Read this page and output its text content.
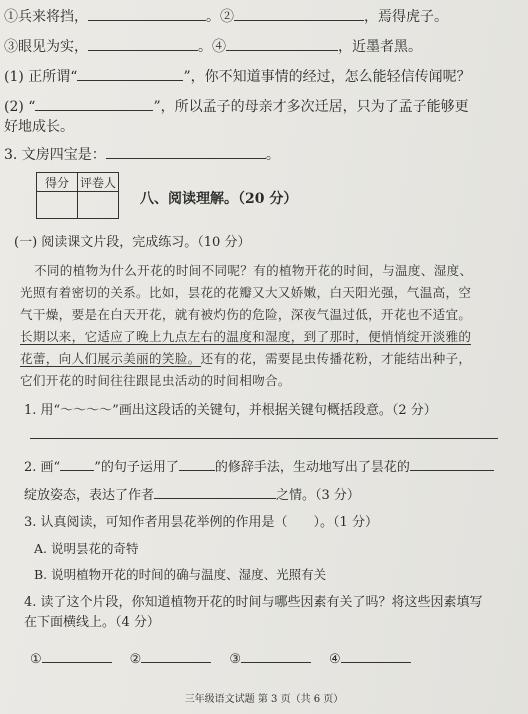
①兵来将挡，	。②	，焉得虎子。
③眼见为实，	。④	，近墨者黑。
(1) 正所谓“	”，你不知道事情的经过，怎么能轻信传闻呢？
(2) “	”，所以孟子的母亲才多次迁居，只为了孟子能够更
好地成长。
3. 文房四宝是：	。
得分	评卷人

八、阅读理解。（20 分）
(一) 阅读课文片段，完成练习。（10 分）
不同的植物为什么开花的时间不同呢？有的植物开花的时间，与温度、湿度、
光照有着密切的关系。比如，昙花的花瓣又大又娇嫩，白天阳光强，气温高，空
气干燥，要是在白天开花，就有被灼伤的危险，深夜气温过低，开花也不适宜。
长期以来，它适应了晚上九点左右的温度和湿度，到了那时，便悄悄绽开淡雅的
花蕾，向人们展示美丽的笑脸。还有的花，需要昆虫传播花粉，才能结出种子，
它们开花的时间往往跟昆虫活动的时间相吻合。
1. 用“～～～～”画出这段话的关键句，并根据关键句概括段意。（2 分）
2. 画“	”的句子运用了	的修辞手法，生动地写出了昙花的
绽放姿态，表达了作者	之情。（3 分）
3. 认真阅读，可知作者用昙花举例的作用是（　　）。（1 分）
A. 说明昙花的奇特
B. 说明植物开花的时间的确与温度、湿度、光照有关
4. 读了这个片段，你知道植物开花的时间与哪些因素有关了吗？将这些因素填写
在下面横线上。（4 分）
①	②	③	④
三年级语文试题 第 3 页（共 6 页）
